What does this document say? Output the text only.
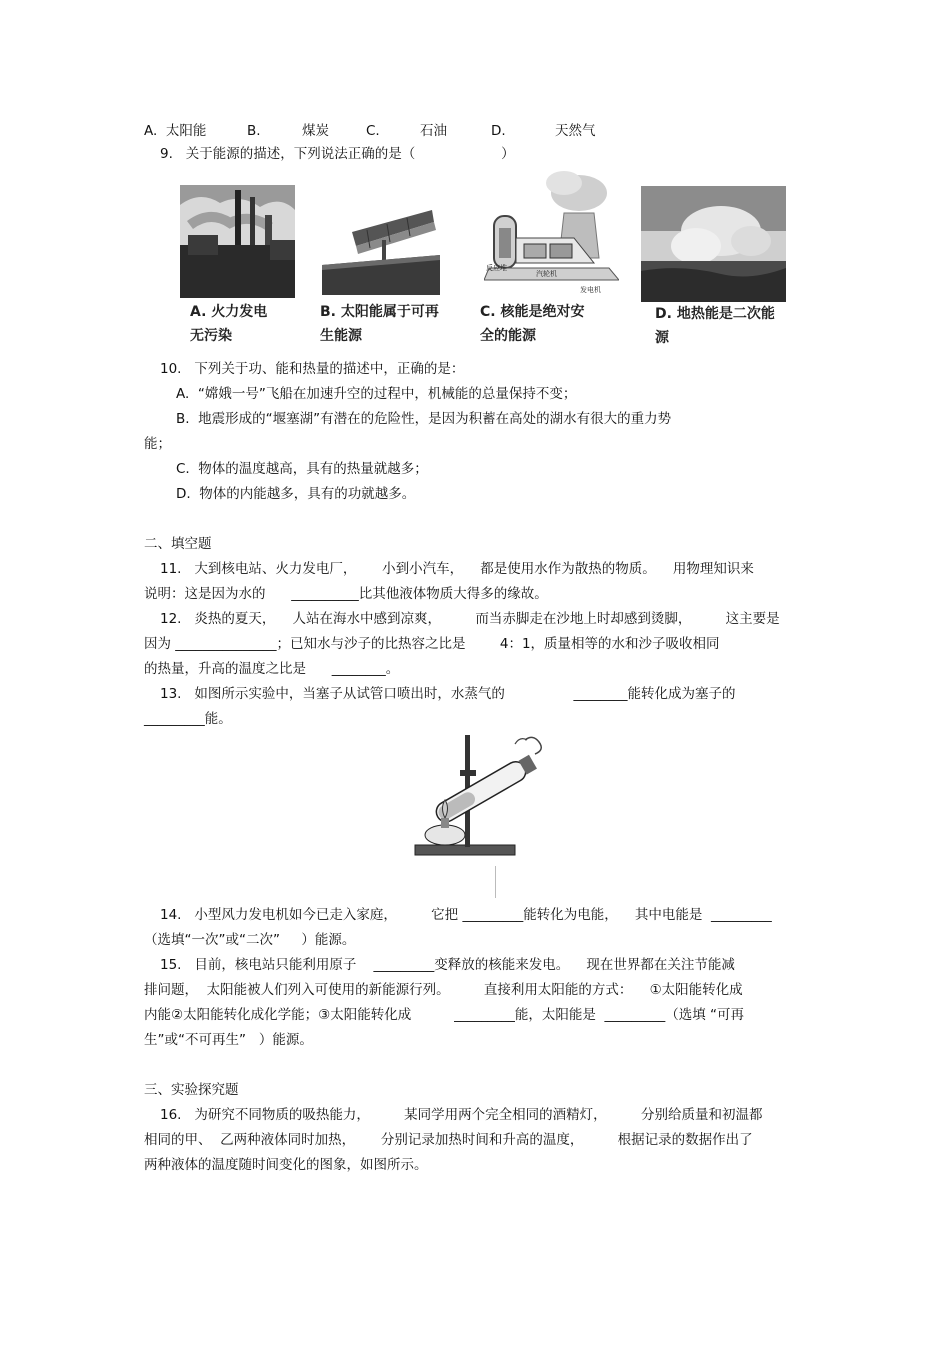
A.  太阳能	B.	煤炭	C.	石油	D.	天然气
9.   关于能源的描述，下列说法正确的是（                    ）
A. 火力发电
无污染
B. 太阳能属于可再
生能源
反应堆
汽轮机
发电机
C. 核能是绝对安
全的能源
D. 地热能是二次能
源
10.   下列关于功、能和热量的描述中，正确的是：
A.  “嫦娥一号”飞船在加速升空的过程中，机械能的总量保持不变；
B.  地震形成的“堰塞湖”有潜在的危险性，是因为积蓄在高处的湖水有很大的重力势
能；
C.  物体的温度越高，具有的热量就越多；
D.  物体的内能越多，具有的功就越多。
二、填空题
11.   大到核电站、火力发电厂，      小到小汽车，    都是使用水作为散热的物质。    用物理知识来
说明：这是因为水的      __________比其他液体物质大得多的缘故。
12.   炎热的夏天，    人站在海水中感到凉爽，        而当赤脚走在沙地上时却感到烫脚，        这主要是
因为 _______________；已知水与沙子的比热容之比是        4：1，质量相等的水和沙子吸收相同
的热量，升高的温度之比是      ________。
13.   如图所示实验中，当塞子从试管口喷出时，水蒸气的                ________能转化成为塞子的
_________能。
14.   小型风力发电机如今已走入家庭，        它把 _________能转化为电能，    其中电能是  _________
（选填“一次”或“二次”     ）能源。
15.   目前，核电站只能利用原子    _________变释放的核能来发电。    现在世界都在关注节能减
排问题，  太阳能被人们列入可使用的新能源行列。        直接利用太阳能的方式：    ①太阳能转化成
内能②太阳能转化成化学能；③太阳能转化成          _________能，太阳能是  _________（选填 “可再
生”或“不可再生”   ）能源。
三、实验探究题
16.   为研究不同物质的吸热能力，        某同学用两个完全相同的酒精灯，        分别给质量和初温都
相同的甲、  乙两种液体同时加热，      分别记录加热时间和升高的温度，        根据记录的数据作出了
两种液体的温度随时间变化的图象，如图所示。
